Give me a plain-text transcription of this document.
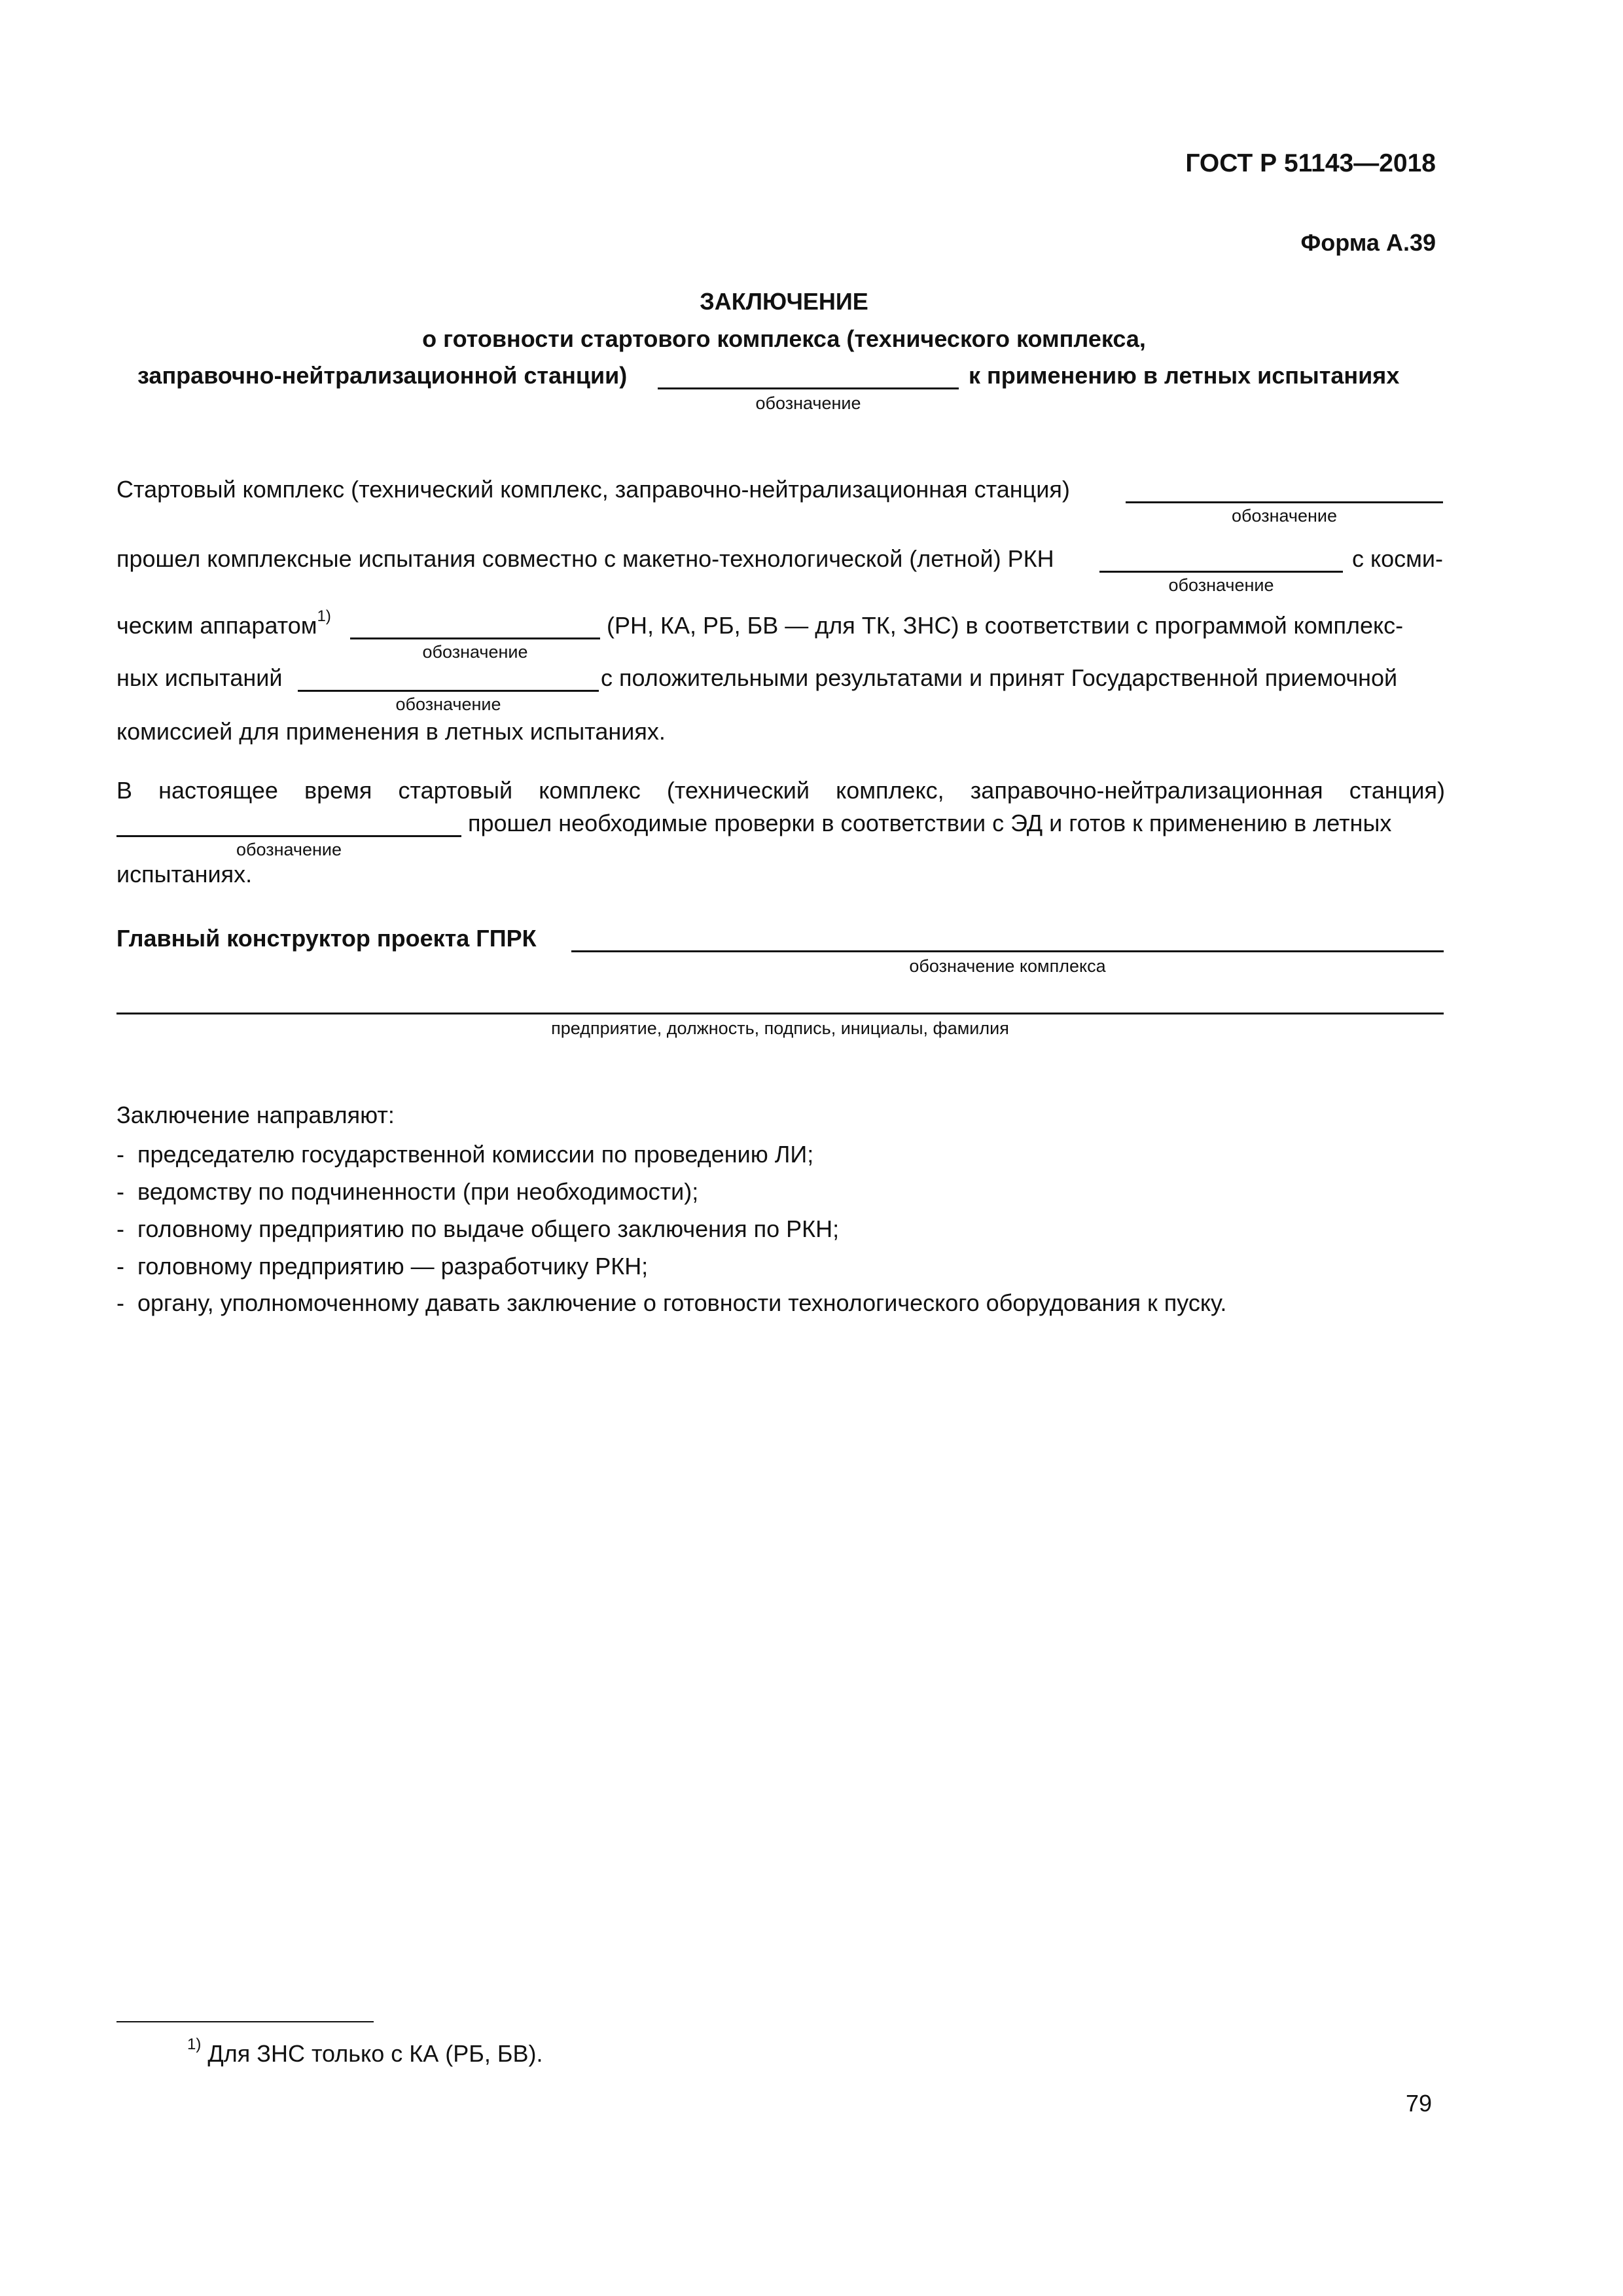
ГОСТ Р 51143—2018
Форма А.39
ЗАКЛЮЧЕНИЕ
о готовности стартового комплекса (технического комплекса,
заправочно-нейтрализационной станции)	к применению в летных испытаниях
обозначение
Стартовый комплекс (технический комплекс, заправочно-нейтрализационная станция)
обозначение
прошел комплексные испытания совместно с макетно-технологической (летной) РКН	с косми-
обозначение
ческим аппаратом$^{1)}$	(РН, КА, РБ, БВ — для ТК, ЗНС) в соответствии с программой комплекс-
обозначение
ных испытаний	с положительными результатами и принят Государственной приемочной
обозначение
комиссией для применения в летных испытаниях.
В настоящее время стартовый комплекс (технический комплекс, заправочно-нейтрализационная станция)
прошел необходимые проверки в соответствии с ЭД и готов к применению в летных
обозначение
испытаниях.
Главный конструктор проекта ГПРК
обозначение комплекса
предприятие, должность, подпись, инициалы, фамилия
Заключение направляют:
- председателю государственной комиссии по проведению ЛИ;
- ведомству по подчиненности (при необходимости);
- головному предприятию по выдаче общего заключения по РКН;
- головному предприятию — разработчику РКН;
- органу, уполномоченному давать заключение о готовности технологического оборудования к пуску.
$^{1)}$ Для ЗНС только с КА (РБ, БВ).
79
